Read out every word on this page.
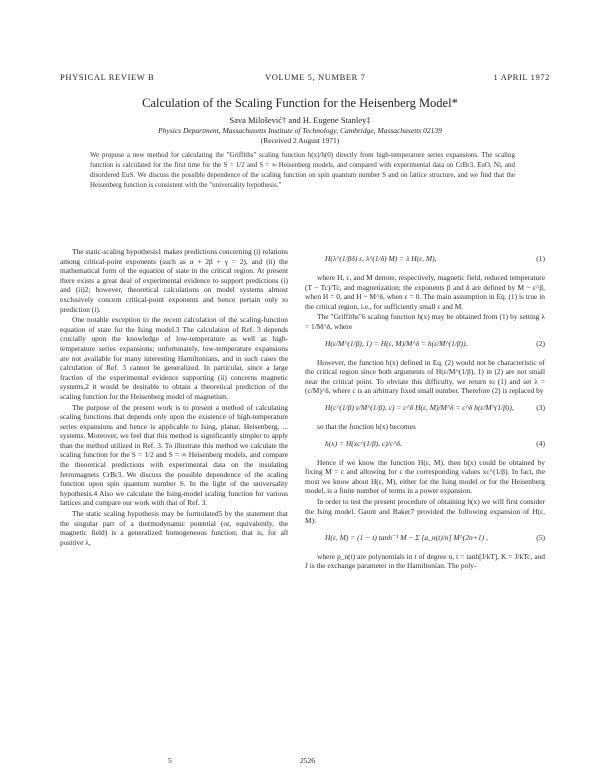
PHYSICAL REVIEW B	VOLUME 5, NUMBER 7	1 APRIL 1972
Calculation of the Scaling Function for the Heisenberg Model*
Sava Milošević† and H. Eugene Stanley‡
Physics Department, Massachusetts Institute of Technology, Cambridge, Massachusetts 02139
(Received 2 August 1971)
We propose a new method for calculating the "Griffiths" scaling function h(x)/h(0) directly from high-temperature series expansions. The scaling function is calculated for the first time for the S = 1/2 and S = ∞ Heisenberg models, and compared with experimental data on CrBr3, EuO, Ni, and disordered EuS. We discuss the possible dependence of the scaling function on spin quantum number S and on lattice structure, and we find that the Heisenberg function is consistent with the "universality hypothesis."

The static-scaling hypothesis1 makes predictions concerning (i) relations among critical-point exponents (such as α + 2β + γ = 2), and (ii) the mathematical form of the equation of state in the critical region. At present there exists a great deal of experimental evidence to support predictions (i) and (ii)2; however, theoretical calculations on model systems almost exclusively concern critical-point exponents and hence pertain only to prediction (i).

One notable exception to the recent calculation of the scaling-function equation of state for the Ising model.3 The calculation of Ref. 3 depends crucially upon the knowledge of low-temperature as well as high-temperature series expansions; unfortunately, low-temperature expansions are not available for many interesting Hamiltonians, and in such cases the calculation of Ref. 3 cannot be generalized. In particular, since a large fraction of the experimental evidence supporting (ii) concerns magnetic systems,2 it would be desirable to obtain a theoretical prediction of the scaling function for the Heisenberg model of magnetism.

The purpose of the present work is to present a method of calculating scaling functions that depends only upon the existence of high-temperature series expansions and hence is applicable to Ising, planar, Heisenberg, ... systems. Moreover, we feel that this method is significantly simpler to apply than the method utilized in Ref. 3. To illustrate this method we calculate the scaling function for the S = 1/2 and S = ∞ Heisenberg models, and compare the theoretical predictions with experimental data on the insulating ferromagnets CrBr3. We discuss the possible dependence of the scaling function upon spin quantum number S. In the light of the universality hypothesis.4 Also we calculate the Ising-model scaling function for various lattices and compare our work with that of Ref. 3.

The static scaling hypothesis may be formulated5 by the statement that the singular part of a thermodynamic potential (or, equivalently, the magnetic field) is a generalized homogeneous function; that is, for all positive λ,

H(λ^(1/βδ) ε, λ^(1/δ) M) = λ H(ε, M),	(1)

where H, ε, and M denote, respectively, magnetic field, reduced temperature (T − Tc)/Tc, and magnetization; the exponents β and δ are defined by M ~ ε^β, when H = 0, and H ~ M^δ, when ε = 0. The main assumption in Eq. (1) is true in the critical region, i.e., for sufficiently small ε and M.

The "Griffiths"6 scaling function h(x) may be obtained from (1) by setting λ = 1/M^δ, where

H(ε/M^(1/β), 1) = H(ε, M)/M^δ = h(ε/M^(1/β)).	(2)

However, the function h(x) defined in Eq. (2) would not be characteristic of the critical region since both arguments of H(ε/M^(1/β), 1) in (2) are not small near the critical point. To obviate this difficulty, we return to (1) and set λ = (c/M)^δ, where c is an arbitrary fixed small number. Therefore (2) is replaced by

H(c^(1/β) ε/M^(1/β), c) = c^δ H(ε, M)/M^δ = c^δ h(ε/M^(1/β)),	(3)

so that the function h(x) becomes

h(x) = H(xc^(1/β), c)/c^δ.	(4)

Hence if we know the function H(ε, M), then h(x) could be obtained by fixing M = c and allowing for ε the corresponding values xc^(1/β). In fact, the most we know about H(ε, M), either for the Ising model or for the Heisenberg model, is a finite number of terms in a power expansion.

In order to test the present procedure of obtaining h(x) we will first consider the Ising model. Gaunt and Baker7 provided the following expansion of H(ε, M):

H(ε, M) = (1 − t) tanh⁻¹ M − Σ [a_n(t)/n] M^(2n+1) ,	(5)

where p_n(t) are polynomials in t of degree n, t = tanh[J/kT], K = J/kTc, and J is the exchange parameter in the Hamiltonian. The poly-

5	2526
